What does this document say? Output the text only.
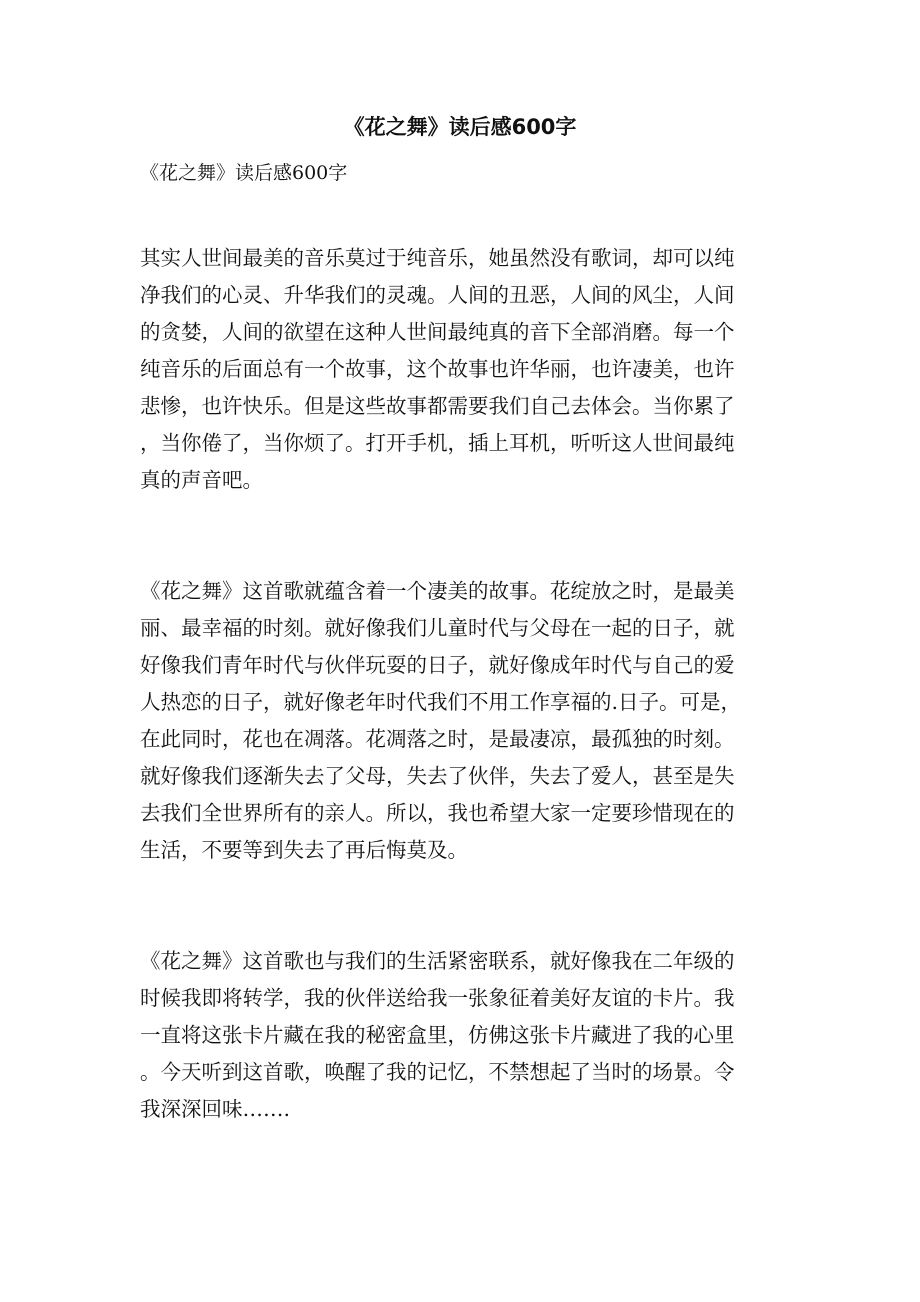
《花之舞》读后感600字

《花之舞》读后感600字

其实人世间最美的音乐莫过于纯音乐，她虽然没有歌词，却可以纯
净我们的心灵、升华我们的灵魂。人间的丑恶，人间的风尘，人间
的贪婪，人间的欲望在这种人世间最纯真的音下全部消磨。每一个
纯音乐的后面总有一个故事，这个故事也许华丽，也许凄美，也许
悲惨，也许快乐。但是这些故事都需要我们自己去体会。当你累了
，当你倦了，当你烦了。打开手机，插上耳机，听听这人世间最纯
真的声音吧。

《花之舞》这首歌就蕴含着一个凄美的故事。花绽放之时，是最美
丽、最幸福的时刻。就好像我们儿童时代与父母在一起的日子，就
好像我们青年时代与伙伴玩耍的日子，就好像成年时代与自己的爱
人热恋的日子，就好像老年时代我们不用工作享福的.日子。可是，
在此同时，花也在凋落。花凋落之时，是最凄凉，最孤独的时刻。
就好像我们逐渐失去了父母，失去了伙伴，失去了爱人，甚至是失
去我们全世界所有的亲人。所以，我也希望大家一定要珍惜现在的
生活，不要等到失去了再后悔莫及。

《花之舞》这首歌也与我们的生活紧密联系，就好像我在二年级的
时候我即将转学，我的伙伴送给我一张象征着美好友谊的卡片。我
一直将这张卡片藏在我的秘密盒里，仿佛这张卡片藏进了我的心里
。今天听到这首歌，唤醒了我的记忆，不禁想起了当时的场景。令
我深深回味…….
